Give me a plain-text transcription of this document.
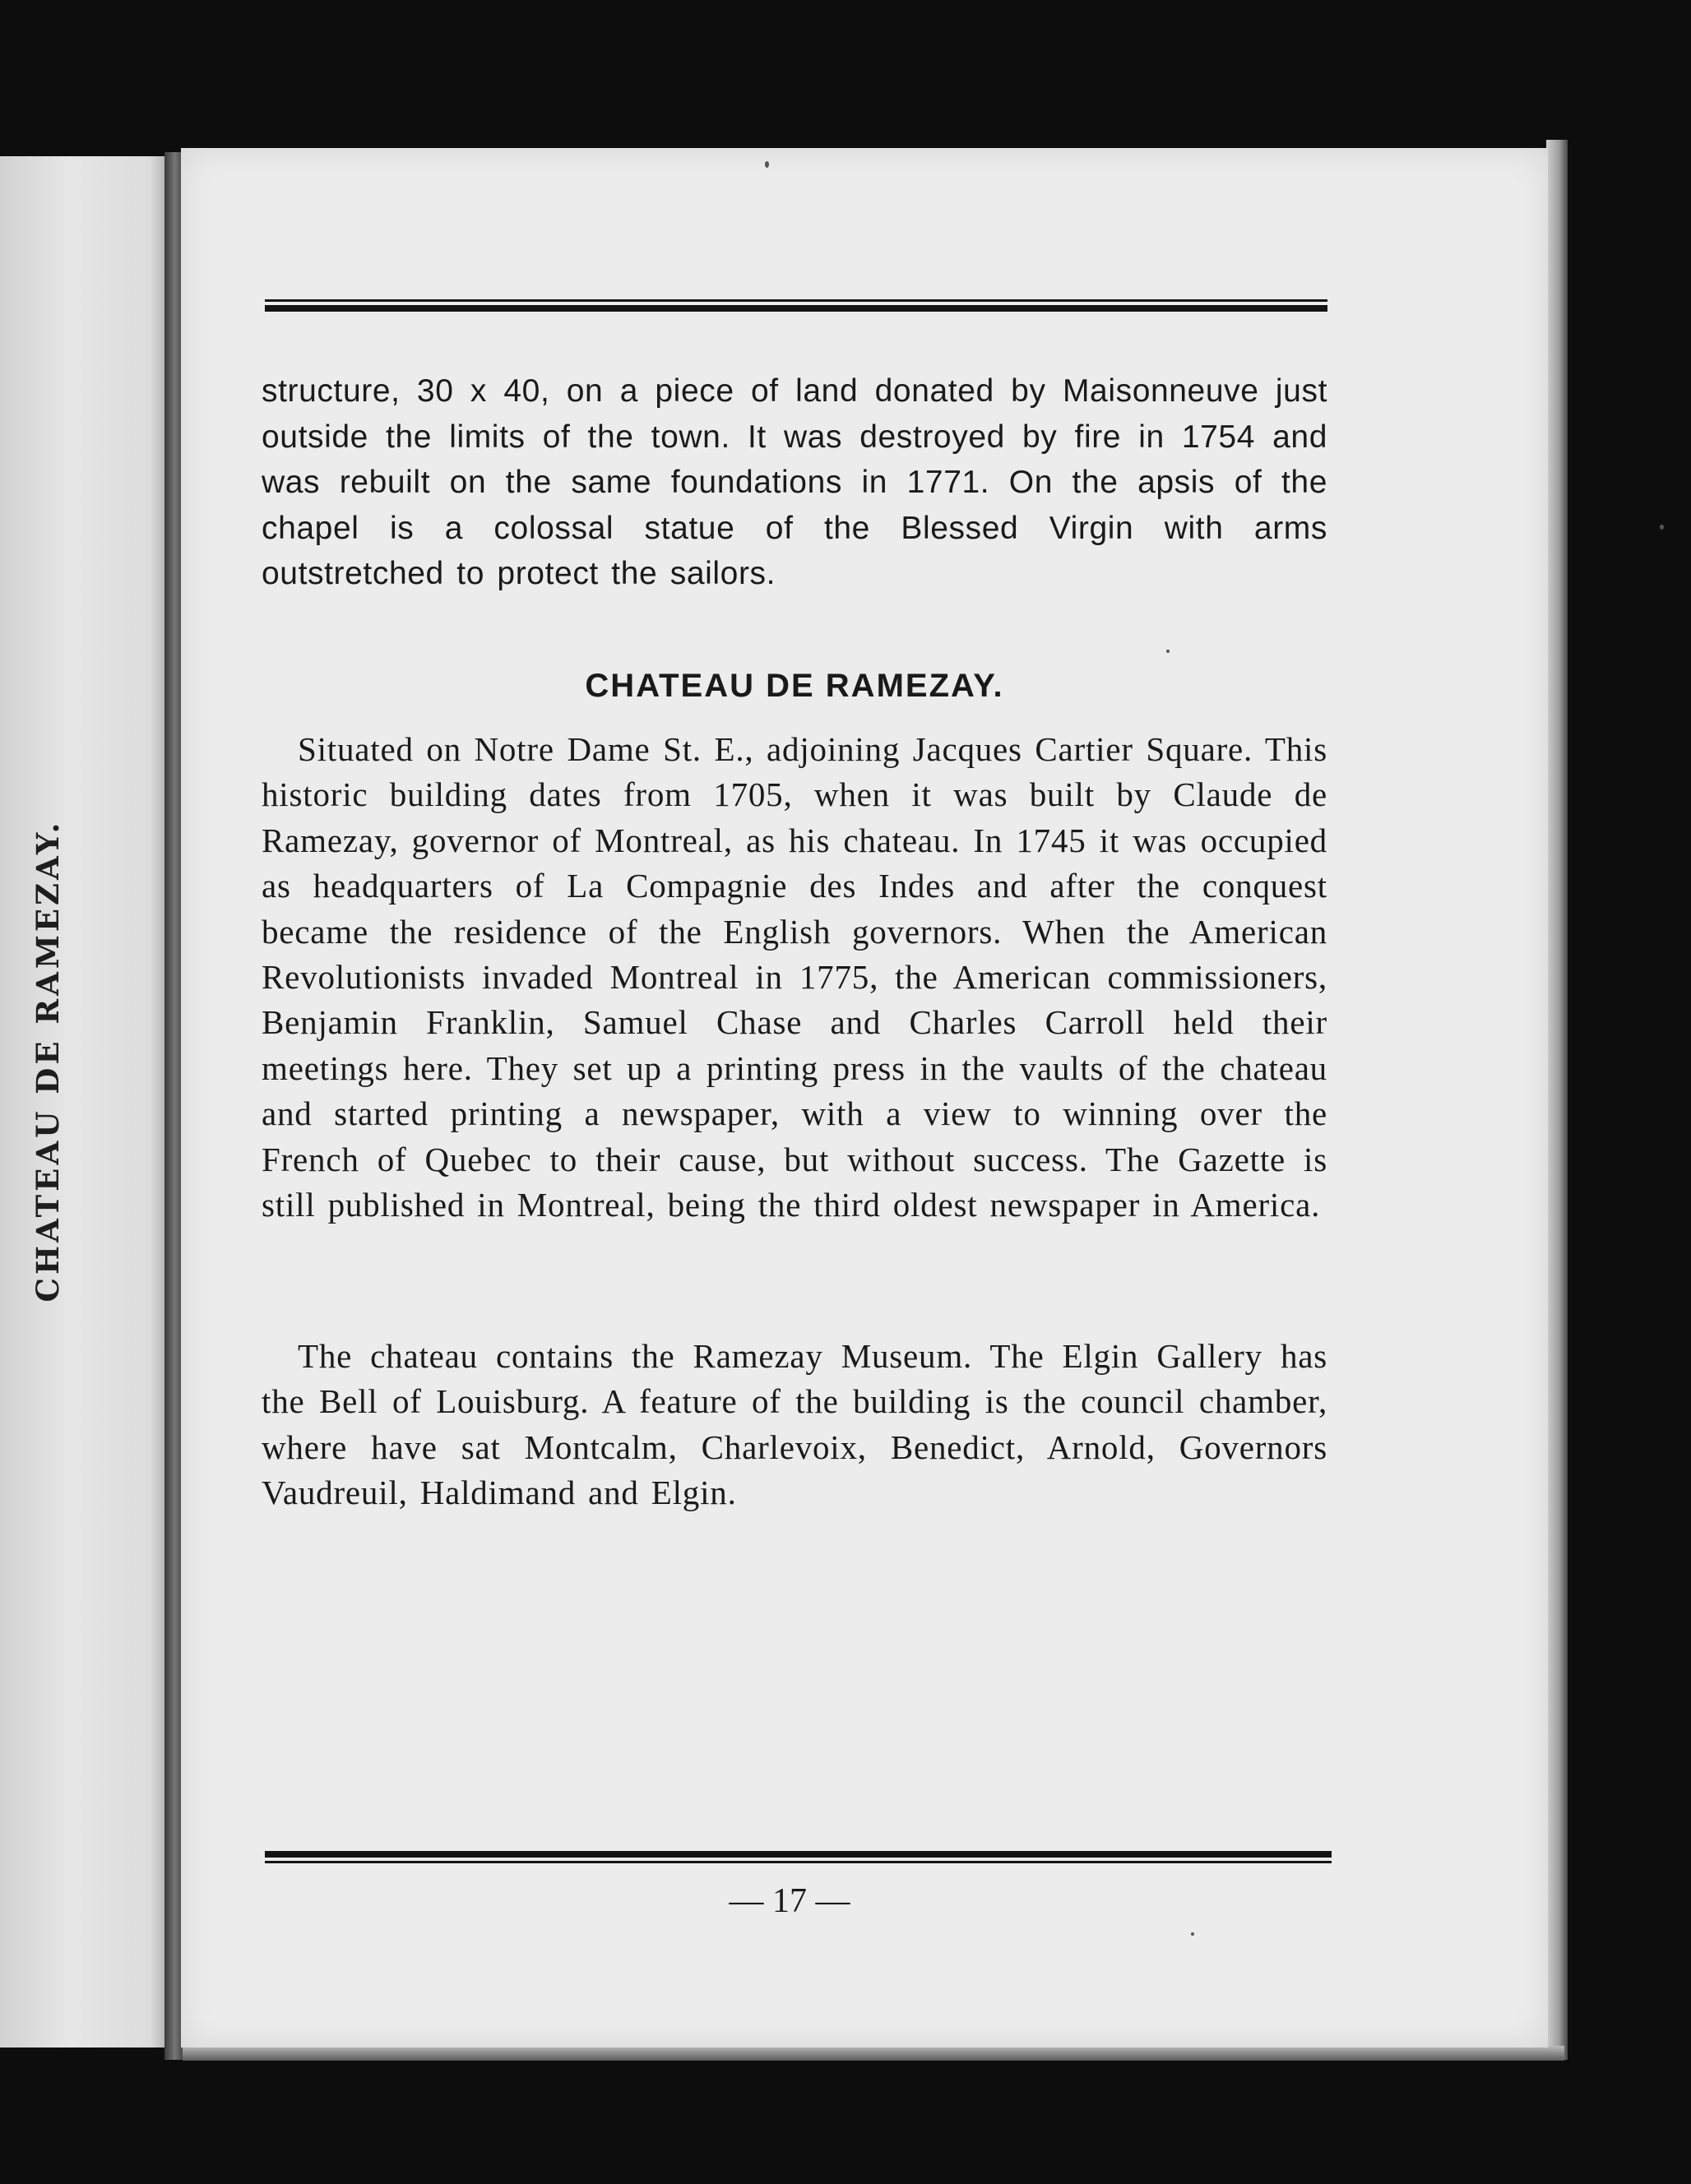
CHATEAU DE RAMEZAY.
structure, 30 x 40, on a piece of land donated by Maisonneuve just outside the limits of the town. It was destroyed by fire in 1754 and was rebuilt on the same foundations in 1771. On the apsis of the chapel is a colossal statue of the Blessed Virgin with arms outstretched to protect the sailors.
CHATEAU DE RAMEZAY.
Situated on Notre Dame St. E., adjoining Jacques Cartier Square. This historic building dates from 1705, when it was built by Claude de Ramezay, governor of Montreal, as his chateau. In 1745 it was occupied as headquarters of La Compagnie des Indes and after the conquest became the residence of the English governors. When the American Revolutionists invaded Montreal in 1775, the American commissioners, Benjamin Franklin, Samuel Chase and Charles Carroll held their meetings here. They set up a printing press in the vaults of the chateau and started printing a newspaper, with a view to winning over the French of Quebec to their cause, but without success. The Gazette is still published in Montreal, being the third oldest newspaper in America.
The chateau contains the Ramezay Museum. The Elgin Gallery has the Bell of Louisburg. A feature of the building is the council chamber, where have sat Montcalm, Charlevoix, Benedict, Arnold, Governors Vaudreuil, Haldimand and Elgin.
— 17 —
